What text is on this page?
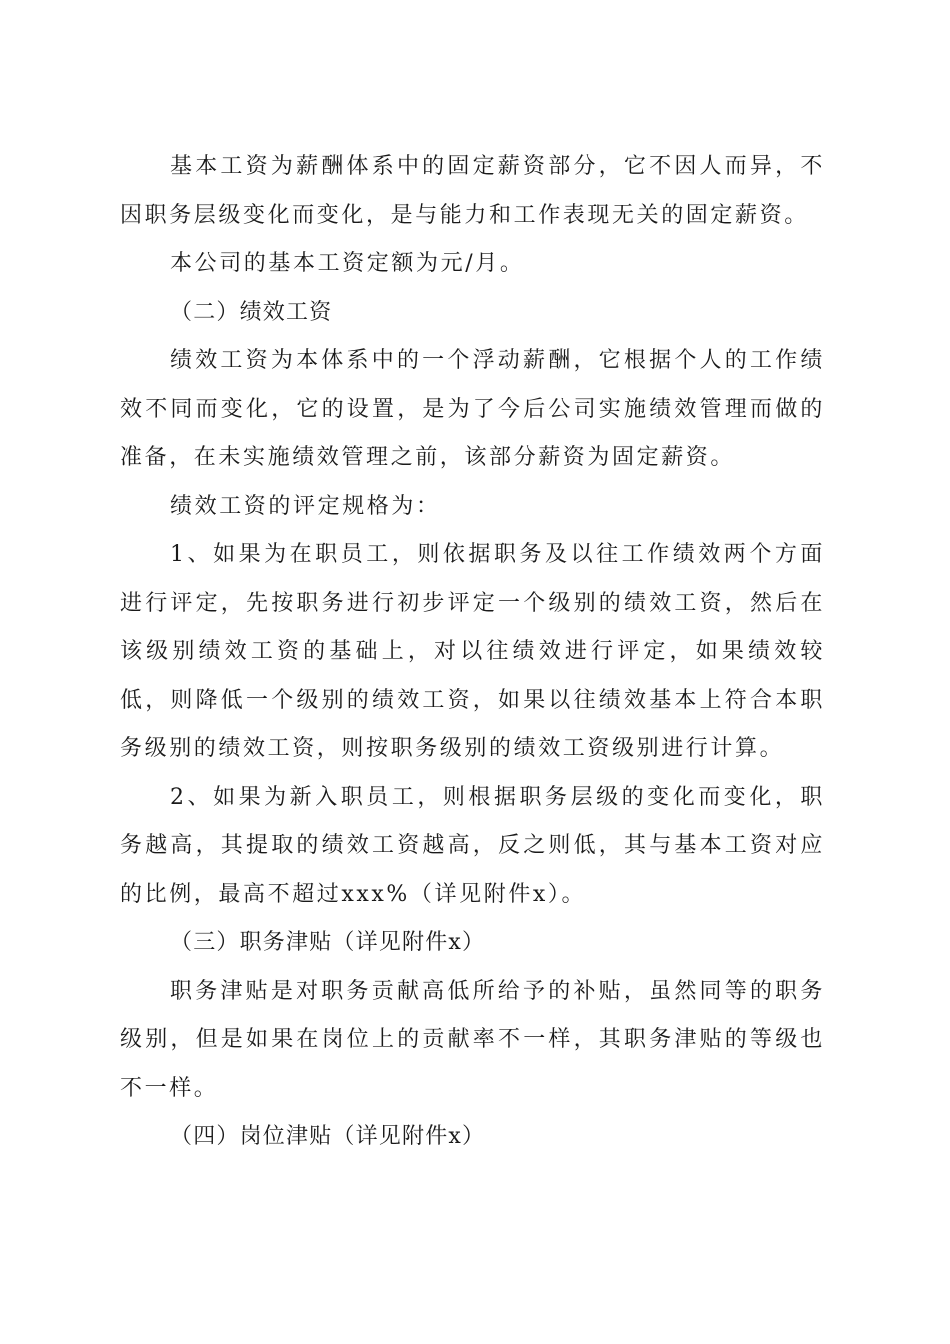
基本工资为薪酬体系中的固定薪资部分，它不因人而异，不因职务层级变化而变化，是与能力和工作表现无关的固定薪资。

本公司的基本工资定额为元/月。

（二）绩效工资

绩效工资为本体系中的一个浮动薪酬，它根据个人的工作绩效不同而变化，它的设置，是为了今后公司实施绩效管理而做的准备，在未实施绩效管理之前，该部分薪资为固定薪资。

绩效工资的评定规格为：

1、如果为在职员工，则依据职务及以往工作绩效两个方面进行评定，先按职务进行初步评定一个级别的绩效工资，然后在该级别绩效工资的基础上，对以往绩效进行评定，如果绩效较低，则降低一个级别的绩效工资，如果以往绩效基本上符合本职务级别的绩效工资，则按职务级别的绩效工资级别进行计算。

2、如果为新入职员工，则根据职务层级的变化而变化，职务越高，其提取的绩效工资越高，反之则低，其与基本工资对应的比例，最高不超过xxx%（详见附件x）。

（三）职务津贴（详见附件x）

职务津贴是对职务贡献高低所给予的补贴，虽然同等的职务级别，但是如果在岗位上的贡献率不一样，其职务津贴的等级也不一样。

（四）岗位津贴（详见附件x）
